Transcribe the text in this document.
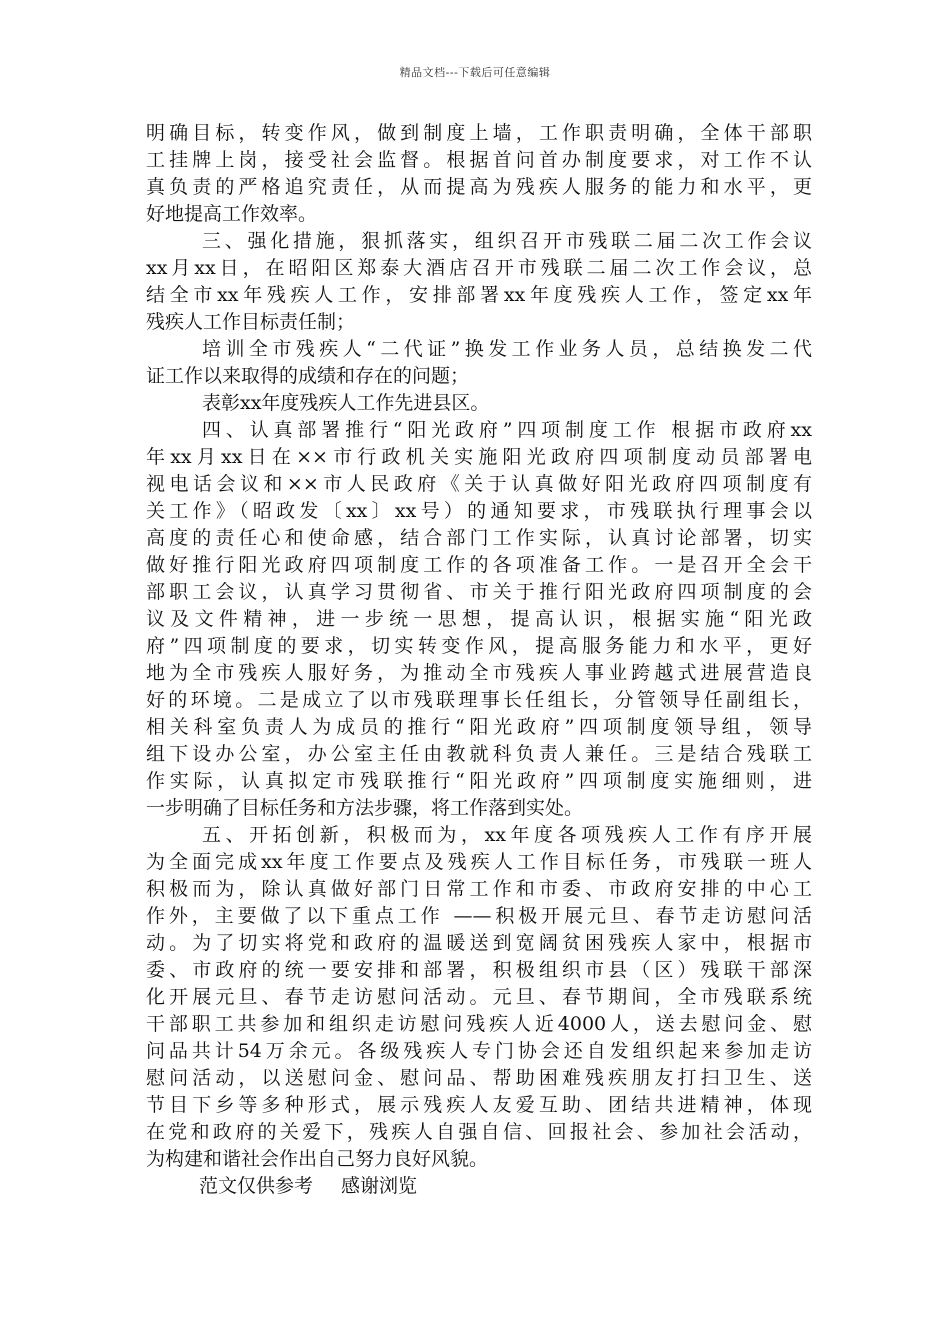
精品文档---下载后可任意编辑
明确目标，转变作风，做到制度上墙，工作职责明确，全体干部职
工挂牌上岗，接受社会监督。根据首问首办制度要求，对工作不认
真负责的严格追究责任，从而提高为残疾人服务的能力和水平，更
好地提高工作效率。
三、强化措施，狠抓落实，组织召开市残联二届二次工作会议
xx月xx日，在昭阳区郑泰大酒店召开市残联二届二次工作会议，总
结全市xx年残疾人工作，安排部署xx年度残疾人工作，签定xx年
残疾人工作目标责任制；
培训全市残疾人“二代证”换发工作业务人员，总结换发二代
证工作以来取得的成绩和存在的问题；
表彰xx年度残疾人工作先进县区。
四、认真部署推行“阳光政府”四项制度工作 根据市政府xx
年xx月xx日在××市行政机关实施阳光政府四项制度动员部署电
视电话会议和××市人民政府《关于认真做好阳光政府四项制度有
关工作》（昭政发〔xx〕xx号）的通知要求，市残联执行理事会以
高度的责任心和使命感，结合部门工作实际，认真讨论部署，切实
做好推行阳光政府四项制度工作的各项准备工作。一是召开全会干
部职工会议，认真学习贯彻省、市关于推行阳光政府四项制度的会
议及文件精神，进一步统一思想，提高认识，根据实施“阳光政
府”四项制度的要求，切实转变作风，提高服务能力和水平，更好
地为全市残疾人服好务，为推动全市残疾人事业跨越式进展营造良
好的环境。二是成立了以市残联理事长任组长，分管领导任副组长，
相关科室负责人为成员的推行“阳光政府”四项制度领导组，领导
组下设办公室，办公室主任由教就科负责人兼任。三是结合残联工
作实际，认真拟定市残联推行“阳光政府”四项制度实施细则，进
一步明确了目标任务和方法步骤，将工作落到实处。
五、开拓创新，积极而为，xx年度各项残疾人工作有序开展
为全面完成xx年度工作要点及残疾人工作目标任务，市残联一班人
积极而为，除认真做好部门日常工作和市委、市政府安排的中心工
作外，主要做了以下重点工作 ——积极开展元旦、春节走访慰问活
动。为了切实将党和政府的温暖送到宽阔贫困残疾人家中，根据市
委、市政府的统一要安排和部署，积极组织市县（区）残联干部深
化开展元旦、春节走访慰问活动。元旦、春节期间，全市残联系统
干部职工共参加和组织走访慰问残疾人近4000人，送去慰问金、慰
问品共计54万余元。各级残疾人专门协会还自发组织起来参加走访
慰问活动，以送慰问金、慰问品、帮助困难残疾朋友打扫卫生、送
节目下乡等多种形式，展示残疾人友爱互助、团结共进精神，体现
在党和政府的关爱下，残疾人自强自信、回报社会、参加社会活动，
为构建和谐社会作出自己努力良好风貌。
范文仅供参考 感谢浏览
